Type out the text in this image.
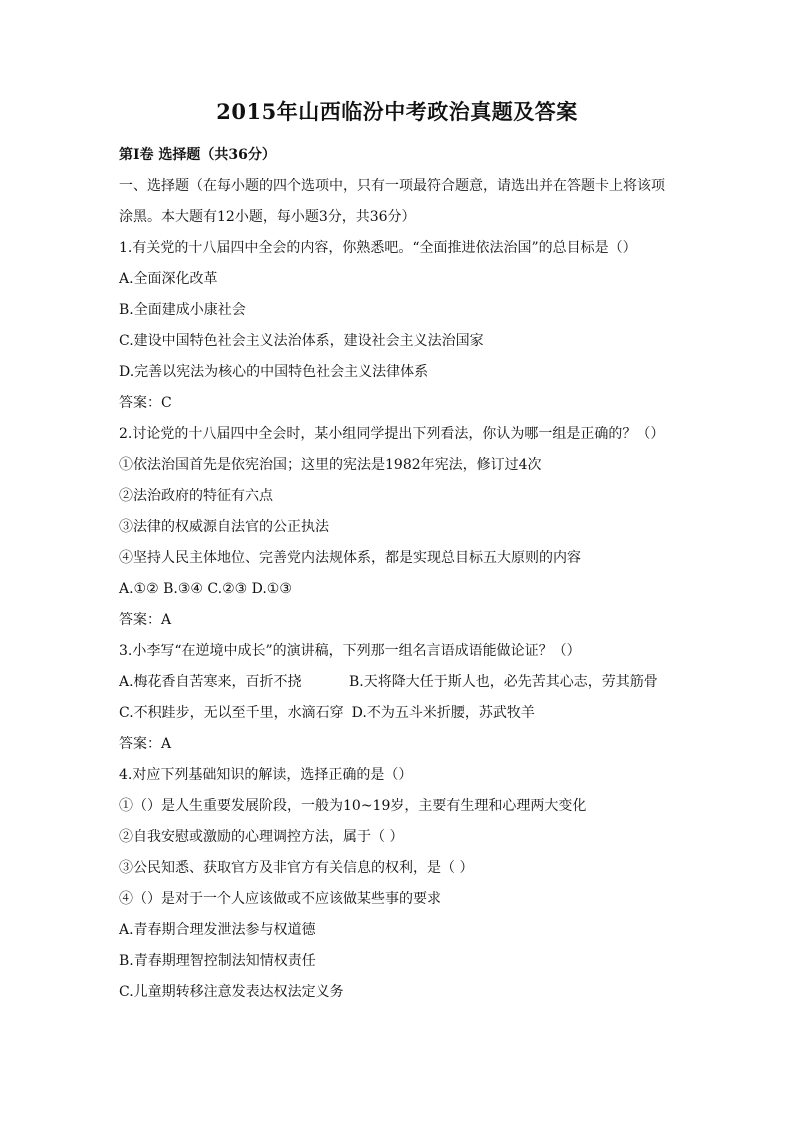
2015年山西临汾中考政治真题及答案
第Ⅰ卷 选择题（共36分）
一、选择题（在每小题的四个选项中，只有一项最符合题意，请选出并在答题卡上将该项
涂黑。本大题有12小题，每小题3分，共36分）
1.有关党的十八届四中全会的内容，你熟悉吧。“全面推进依法治国”的总目标是（）
A.全面深化改革
B.全面建成小康社会
C.建设中国特色社会主义法治体系，建设社会主义法治国家
D.完善以宪法为核心的中国特色社会主义法律体系
答案：C
2.讨论党的十八届四中全会时，某小组同学提出下列看法，你认为哪一组是正确的？（）
①依法治国首先是依宪治国；这里的宪法是1982年宪法，修订过4次
②法治政府的特征有六点
③法律的权威源自法官的公正执法
④坚持人民主体地位、完善党内法规体系，都是实现总目标五大原则的内容
A.①② B.③④ C.②③ D.①③
答案：A
3.小李写“在逆境中成长”的演讲稿，下列那一组名言语成语能做论证？（）
A.梅花香自苦寒来，百折不挠	B.天将降大任于斯人也，必先苦其心志，劳其筋骨
C.不积跬步，无以至千里，水滴石穿 D.不为五斗米折腰，苏武牧羊
答案：A
4.对应下列基础知识的解读，选择正确的是（）
①（）是人生重要发展阶段，一般为10~19岁，主要有生理和心理两大变化
②自我安慰或激励的心理调控方法，属于（ ）
③公民知悉、获取官方及非官方有关信息的权利，是（ ）
④（）是对于一个人应该做或不应该做某些事的要求
A.青春期合理发泄法参与权道德
B.青春期理智控制法知情权责任
C.儿童期转移注意发表达权法定义务
